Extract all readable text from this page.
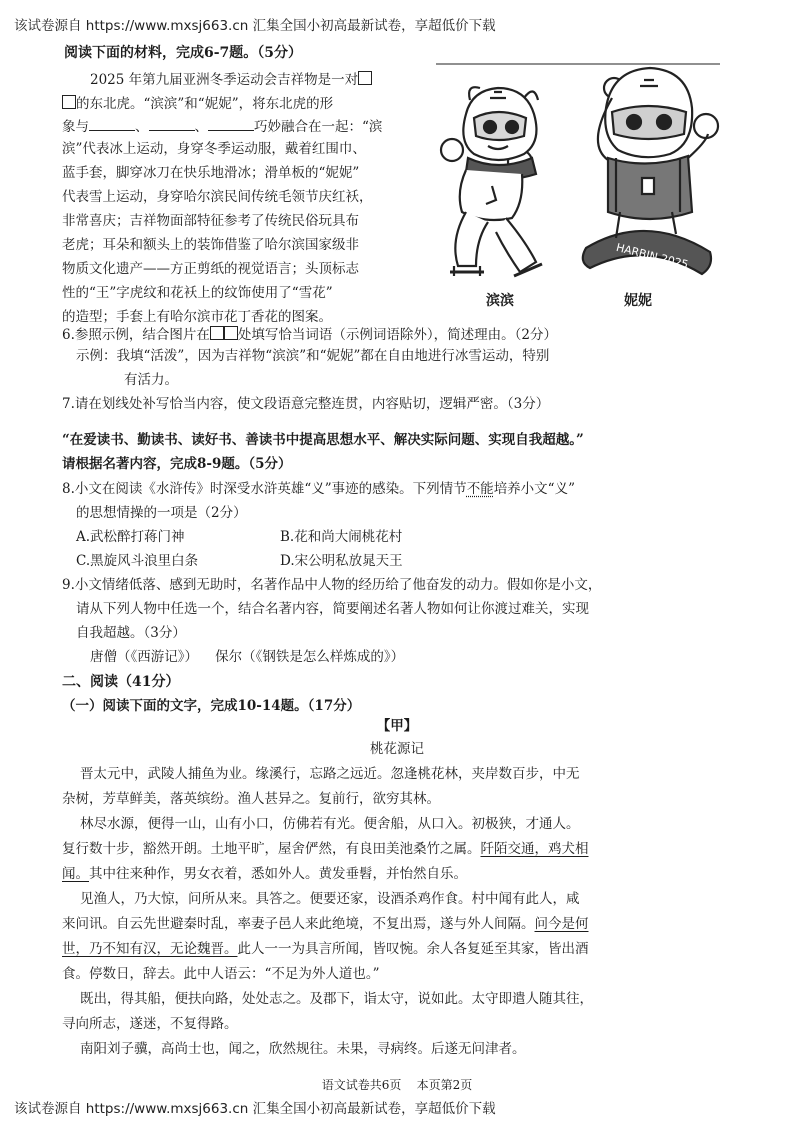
该试卷源自 https://www.mxsj663.cn 汇集全国小初高最新试卷，享超低价下载
阅读下面的材料，完成6-7题。（5分）
2025 年第九届亚洲冬季运动会吉祥物是一对
的东北虎。“滨滨”和“妮妮”，将东北虎的形
象与	、	、	巧妙融合在一起：“滨
滨”代表冰上运动，身穿冬季运动服，戴着红围巾、
蓝手套，脚穿冰刀在快乐地滑冰；滑单板的“妮妮”
代表雪上运动，身穿哈尔滨民间传统毛领节庆红袄，
非常喜庆；吉祥物面部特征参考了传统民俗玩具布
老虎；耳朵和额头上的装饰借鉴了哈尔滨国家级非
物质文化遗产——方正剪纸的视觉语言；头顶标志
性的“王”字虎纹和花袄上的纹饰使用了“雪花”
的造型；手套上有哈尔滨市花丁香花的图案。
HARBIN 2025
滨滨	妮妮
6.参照示例，结合图片在 处填写恰当词语（示例词语除外），简述理由。（2分）
示例：我填“活泼”，因为吉祥物“滨滨”和“妮妮”都在自由地进行冰雪运动，特别
有活力。
7.请在划线处补写恰当内容，使文段语意完整连贯，内容贴切，逻辑严密。（3分）
“在爱读书、勤读书、读好书、善读书中提高思想水平、解决实际问题、实现自我超越。”
请根据名著内容，完成8-9题。（5分）
8.小文在阅读《水浒传》时深受水浒英雄“义”事迹的感染。下列情节不能培养小文“义”
的思想情操的一项是（2分）
A.武松醉打蒋门神	B.花和尚大闹桃花村
C.黑旋风斗浪里白条	D.宋公明私放晁天王
9.小文情绪低落、感到无助时，名著作品中人物的经历给了他奋发的动力。假如你是小文，
请从下列人物中任选一个，结合名著内容，简要阐述名著人物如何让你渡过难关，实现
自我超越。（3分）
唐僧（《西游记》）    保尔（《钢铁是怎么样炼成的》）
二、阅读（41分）
（一）阅读下面的文字，完成10-14题。（17分）
【甲】
桃花源记
晋太元中，武陵人捕鱼为业。缘溪行，忘路之远近。忽逢桃花林，夹岸数百步，中无
杂树，芳草鲜美，落英缤纷。渔人甚异之。复前行，欲穷其林。
林尽水源，便得一山，山有小口，仿佛若有光。便舍船，从口入。初极狭，才通人。
复行数十步，豁然开朗。土地平旷，屋舍俨然，有良田美池桑竹之属。阡陌交通，鸡犬相
闻。其中往来种作，男女衣着，悉如外人。黄发垂髫，并怡然自乐。
见渔人，乃大惊，问所从来。具答之。便要还家，设酒杀鸡作食。村中闻有此人，咸
来问讯。自云先世避秦时乱，率妻子邑人来此绝境，不复出焉，遂与外人间隔。问今是何
世，乃不知有汉，无论魏晋。此人一一为具言所闻，皆叹惋。余人各复延至其家，皆出酒
食。停数日，辞去。此中人语云：“不足为外人道也。”
既出，得其船，便扶向路，处处志之。及郡下，诣太守，说如此。太守即遣人随其往，
寻向所志，遂迷，不复得路。
南阳刘子骥，高尚士也，闻之，欣然规往。未果，寻病终。后遂无问津者。
语文试卷共6页    本页第2页
该试卷源自 https://www.mxsj663.cn 汇集全国小初高最新试卷，享超低价下载
